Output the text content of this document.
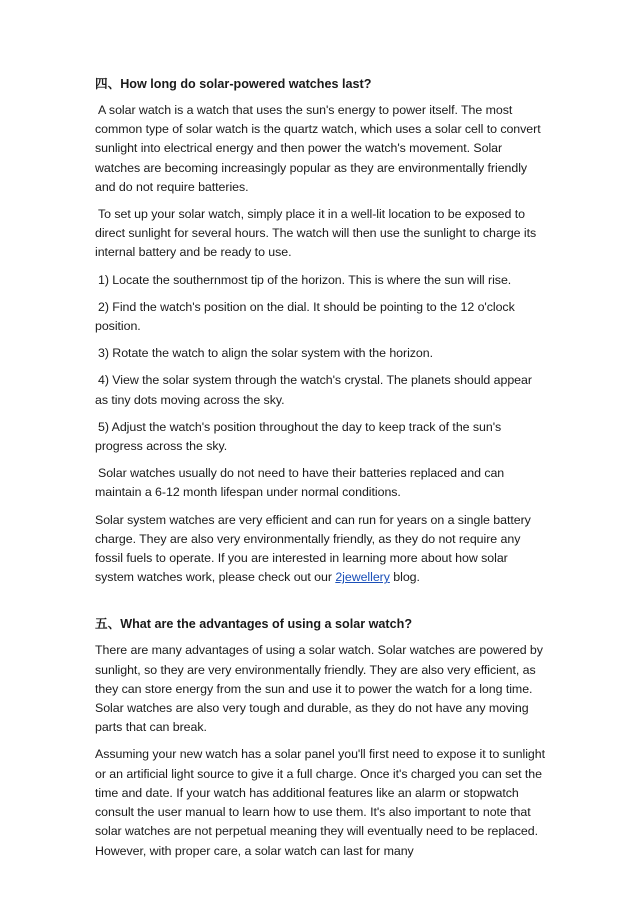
四、How long do solar-powered watches last?

A solar watch is a watch that uses the sun's energy to power itself. The most common type of solar watch is the quartz watch, which uses a solar cell to convert sunlight into electrical energy and then power the watch's movement. Solar watches are becoming increasingly popular as they are environmentally friendly and do not require batteries.

To set up your solar watch, simply place it in a well-lit location to be exposed to direct sunlight for several hours. The watch will then use the sunlight to charge its internal battery and be ready to use.

1) Locate the southernmost tip of the horizon. This is where the sun will rise.

2) Find the watch's position on the dial. It should be pointing to the 12 o'clock position.

3) Rotate the watch to align the solar system with the horizon.

4) View the solar system through the watch's crystal. The planets should appear as tiny dots moving across the sky.

5) Adjust the watch's position throughout the day to keep track of the sun's progress across the sky.

Solar watches usually do not need to have their batteries replaced and can maintain a 6-12 month lifespan under normal conditions.

Solar system watches are very efficient and can run for years on a single battery charge. They are also very environmentally friendly, as they do not require any fossil fuels to operate. If you are interested in learning more about how solar system watches work, please check out our 2jewellery blog.

五、What are the advantages of using a solar watch?

There are many advantages of using a solar watch. Solar watches are powered by sunlight, so they are very environmentally friendly. They are also very efficient, as they can store energy from the sun and use it to power the watch for a long time. Solar watches are also very tough and durable, as they do not have any moving parts that can break.

Assuming your new watch has a solar panel you'll first need to expose it to sunlight or an artificial light source to give it a full charge. Once it's charged you can set the time and date. If your watch has additional features like an alarm or stopwatch consult the user manual to learn how to use them. It's also important to note that solar watches are not perpetual meaning they will eventually need to be replaced. However, with proper care, a solar watch can last for many
